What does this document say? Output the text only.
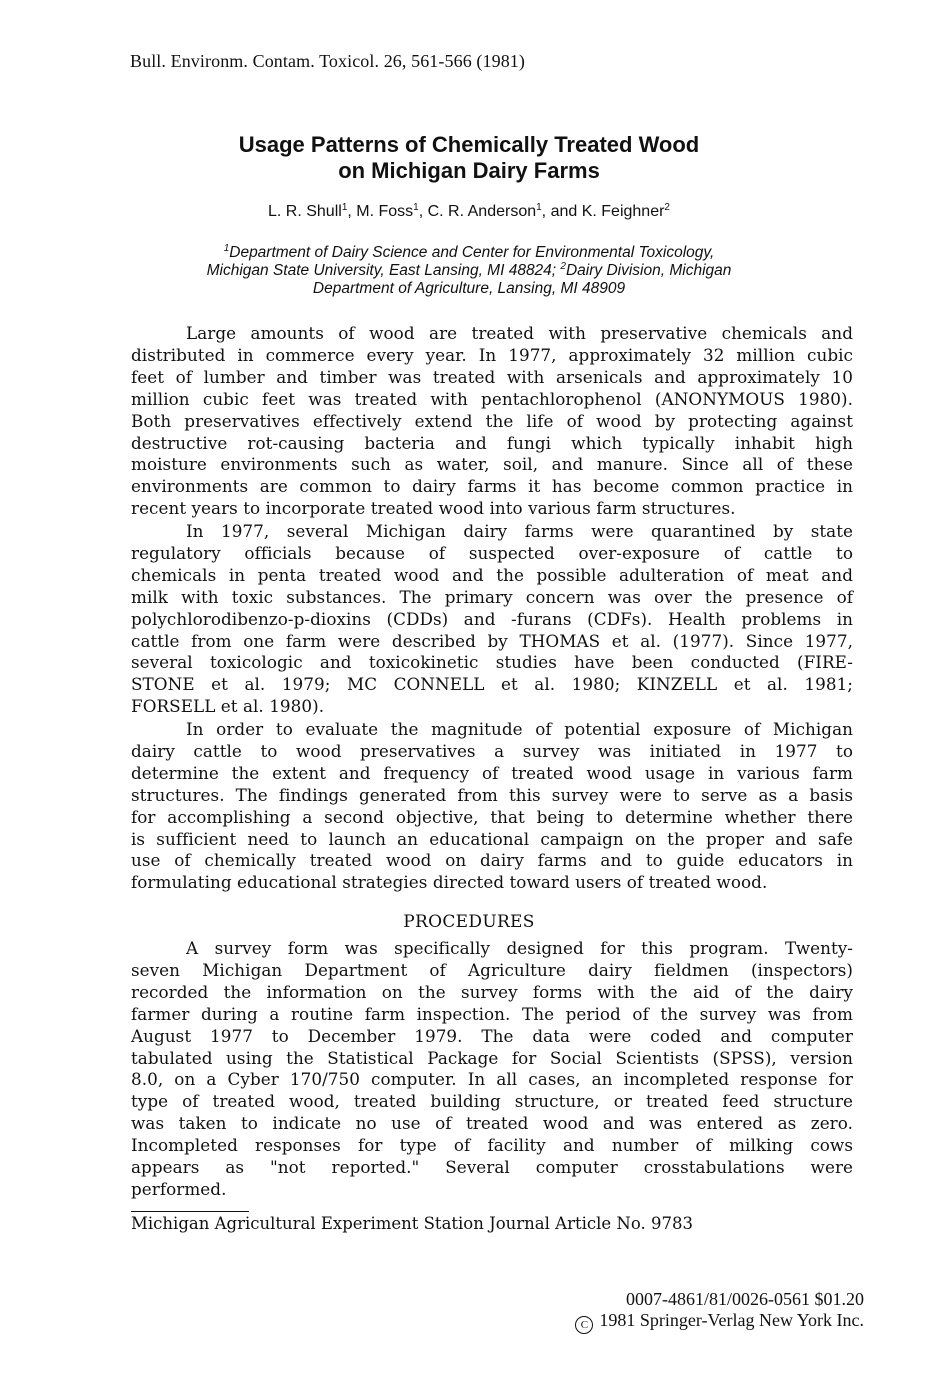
Bull. Environm. Contam. Toxicol. 26, 561-566 (1981)
Usage Patterns of Chemically Treated Wood
on Michigan Dairy Farms
L. R. Shull$^1$, M. Foss$^1$, C. R. Anderson$^1$, and K. Feighner$^2$
$^1$Department of Dairy Science and Center for Environmental Toxicology,
Michigan State University, East Lansing, MI 48824; $^2$Dairy Division, Michigan
Department of Agriculture, Lansing, MI 48909
Large amounts of wood are treated with preservative chemicals and
distributed in commerce every year. In 1977, approximately 32 million cubic
feet of lumber and timber was treated with arsenicals and approximately 10
million cubic feet was treated with pentachlorophenol (ANONYMOUS 1980).
Both preservatives effectively extend the life of wood by protecting against
destructive rot-causing bacteria and fungi which typically inhabit high
moisture environments such as water, soil, and manure. Since all of these
environments are common to dairy farms it has become common practice in
recent years to incorporate treated wood into various farm structures.
In 1977, several Michigan dairy farms were quarantined by state
regulatory officials because of suspected over-exposure of cattle to
chemicals in penta treated wood and the possible adulteration of meat and
milk with toxic substances. The primary concern was over the presence of
polychlorodibenzo-p-dioxins (CDDs) and -furans (CDFs). Health problems in
cattle from one farm were described by THOMAS et al. (1977). Since 1977,
several toxicologic and toxicokinetic studies have been conducted (FIRE-
STONE et al. 1979; MC CONNELL et al. 1980; KINZELL et al. 1981;
FORSELL et al. 1980).
In order to evaluate the magnitude of potential exposure of Michigan
dairy cattle to wood preservatives a survey was initiated in 1977 to
determine the extent and frequency of treated wood usage in various farm
structures. The findings generated from this survey were to serve as a basis
for accomplishing a second objective, that being to determine whether there
is sufficient need to launch an educational campaign on the proper and safe
use of chemically treated wood on dairy farms and to guide educators in
formulating educational strategies directed toward users of treated wood.
PROCEDURES
A survey form was specifically designed for this program. Twenty-
seven Michigan Department of Agriculture dairy fieldmen (inspectors)
recorded the information on the survey forms with the aid of the dairy
farmer during a routine farm inspection. The period of the survey was from
August 1977 to December 1979. The data were coded and computer
tabulated using the Statistical Package for Social Scientists (SPSS), version
8.0, on a Cyber 170/750 computer. In all cases, an incompleted response for
type of treated wood, treated building structure, or treated feed structure
was taken to indicate no use of treated wood and was entered as zero.
Incompleted responses for type of facility and number of milking cows
appears as "not reported." Several computer crosstabulations were
performed.
Michigan Agricultural Experiment Station Journal Article No. 9783
0007-4861/81/0026-0561 $01.20
C 1981 Springer-Verlag New York Inc.
